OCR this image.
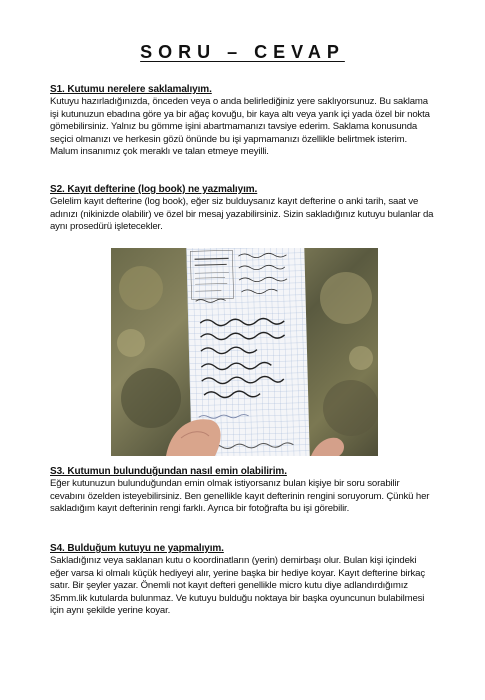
SORU – CEVAP

S1. Kutumu nerelere saklamalıyım.

Kutuyu hazırladığınızda, önceden veya o anda belirlediğiniz yere saklıyorsunuz. Bu saklama işi kutunuzun ebadına göre ya bir ağaç kovuğu, bir kaya altı veya yarık içi yada özel bir nokta gömebilirsiniz. Yalnız bu gömme işini abartmamanızı tavsiye ederim. Saklama konusunda seçici olmanızı ve herkesin gözü önünde bu işi yapmamanızı özellikle belirtmek isterim. Malum insanımız çok meraklı ve talan etmeye meyilli.

S2. Kayıt defterine (log book) ne yazmalıyım.

Gelelim kayıt defterine (log book), eğer siz bulduysanız kayıt defterine o anki tarih, saat ve adınızı (nikinizde olabilir) ve özel bir mesaj yazabilirsiniz. Sizin sakladığınız kutuyu bulanlar da aynı prosedürü işletecekler.

S3. Kutumun bulunduğundan nasıl emin olabilirim.

Eğer kutunuzun bulunduğundan emin olmak istiyorsanız bulan kişiye bir soru sorabilir cevabını özelden isteyebilirsiniz. Ben genellikle kayıt defterinin rengini soruyorum. Çünkü her sakladığım kayıt defterinin rengi farklı. Ayrıca bir fotoğrafta bu işi görebilir.

S4. Bulduğum kutuyu ne yapmalıyım.

Sakladığınız veya saklanan kutu o koordinatların (yerin) demirbaşı olur. Bulan kişi içindeki eğer varsa ki olmalı küçük hediyeyi alır, yerine başka bir hediye koyar. Kayıt defterine birkaç satır. Bir şeyler yazar. Önemli not kayıt defteri genellikle micro kutu diye adlandırdığımız 35mm.lik kutularda bulunmaz. Ve kutuyu bulduğu noktaya bir başka oyuncunun bulabilmesi için aynı şekilde yerine koyar.
